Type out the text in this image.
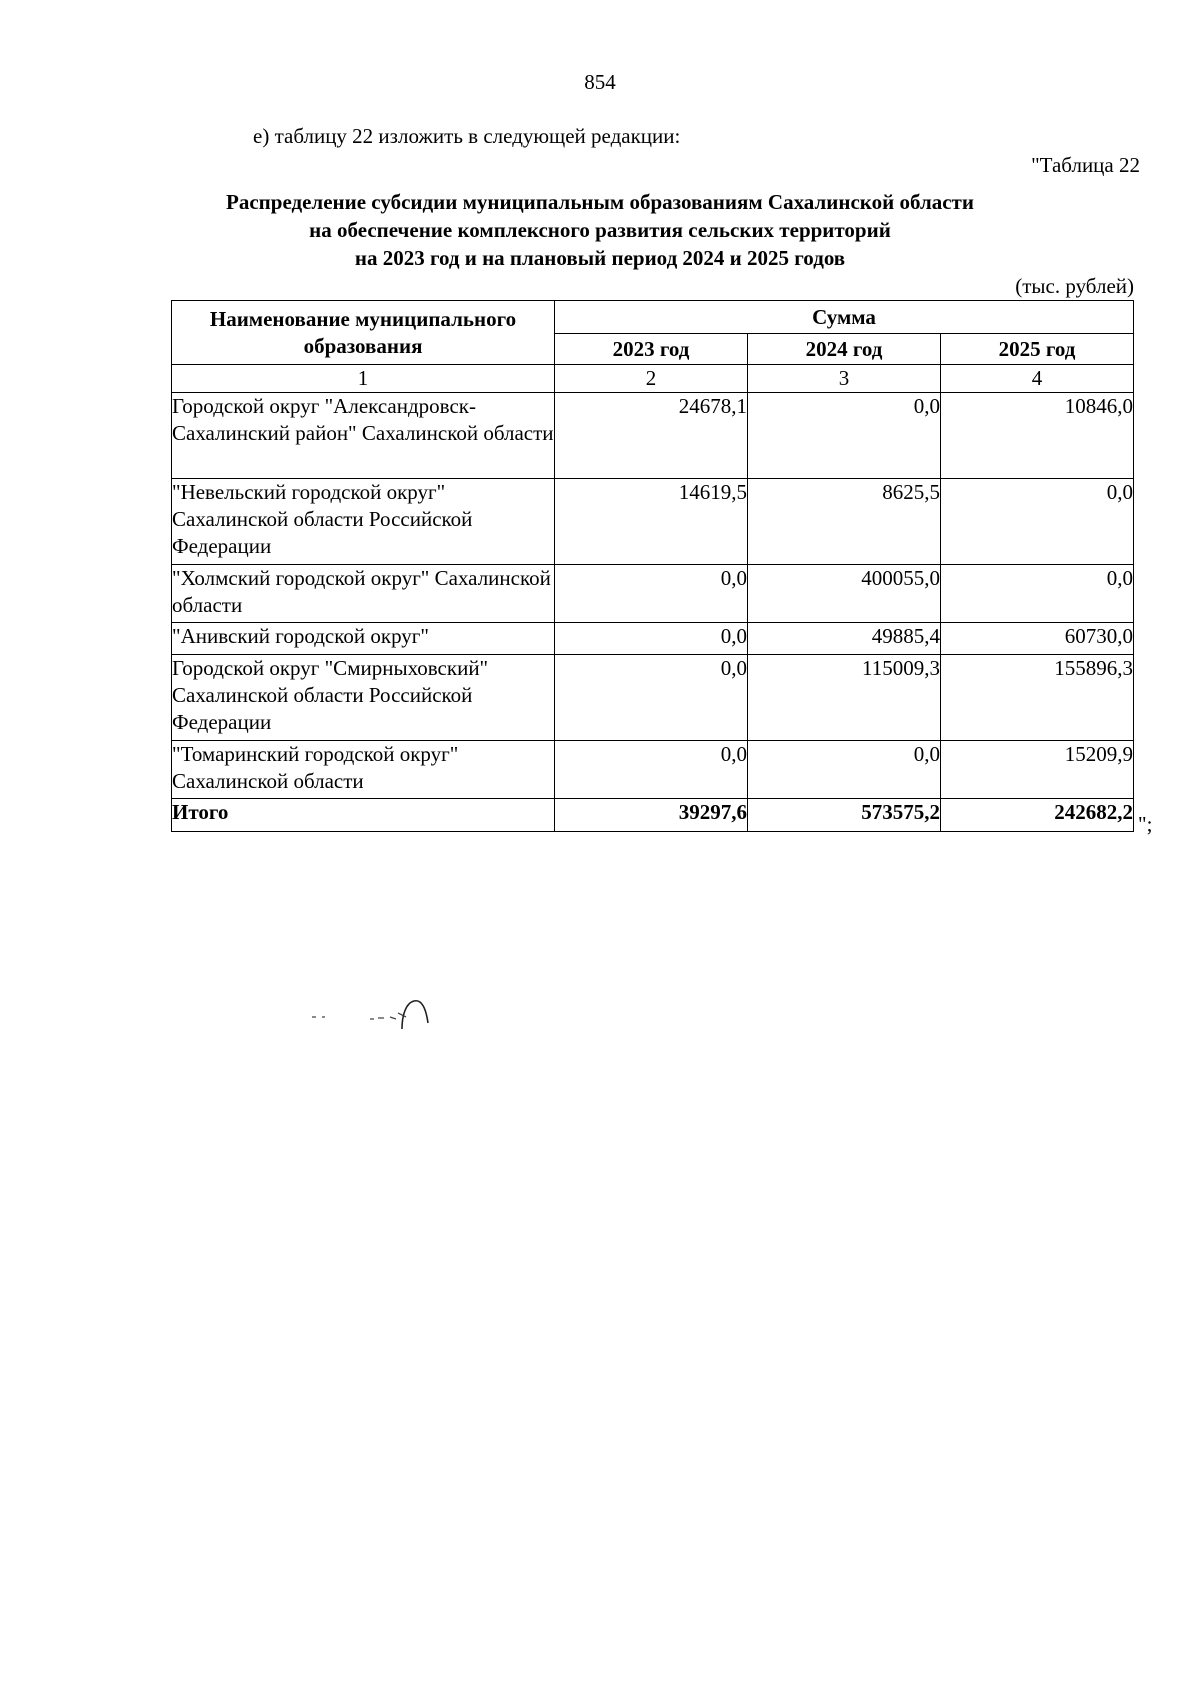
854
е) таблицу 22 изложить в следующей редакции:
"Таблица 22
Распределение субсидии муниципальным образованиям Сахалинской области
на обеспечение комплексного развития сельских территорий
на 2023 год и на плановый период 2024 и 2025 годов
(тыс. рублей)
Наименование муниципального образования	Сумма		
	2023 год	2024 год	2025 год
1	2	3	4
Городской округ "Александровск-Сахалинский район" Сахалинской области	24678,1	0,0	10846,0
"Невельский городской округ" Сахалинской области Российской Федерации	14619,5	8625,5	0,0
"Холмский городской округ" Сахалинской области	0,0	400055,0	0,0
"Анивский городской округ"	0,0	49885,4	60730,0
Городской округ "Смирныховский" Сахалинской области Российской Федерации	0,0	115009,3	155896,3
"Томаринский городской округ" Сахалинской области	0,0	0,0	15209,9
Итого	39297,6	573575,2	242682,2 ";
